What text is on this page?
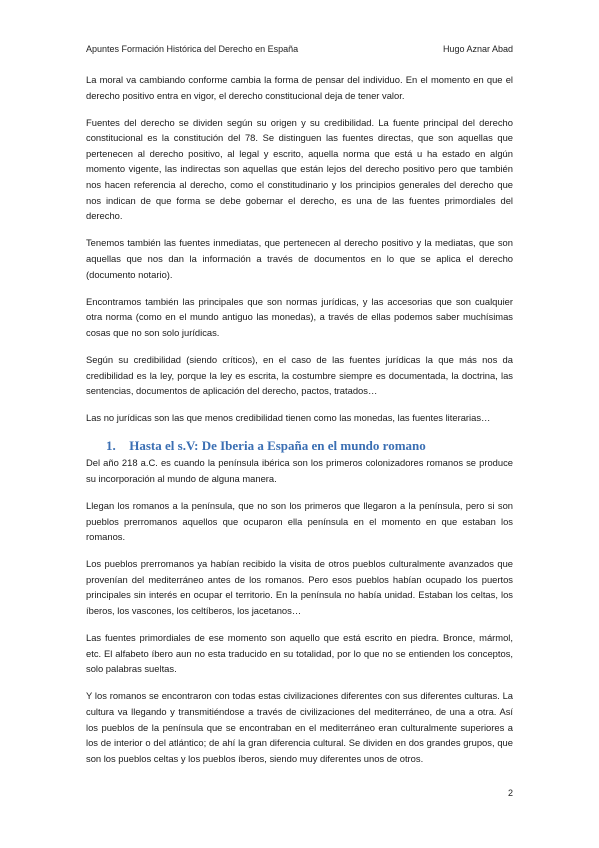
Apuntes Formación Histórica del Derecho en España	Hugo Aznar Abad

La moral va cambiando conforme cambia la forma de pensar del individuo. En el momento en que el derecho positivo entra en vigor, el derecho constitucional deja de tener valor.

Fuentes del derecho se dividen según su origen y su credibilidad. La fuente principal del derecho constitucional es la constitución del 78. Se distinguen las fuentes directas, que son aquellas que pertenecen al derecho positivo, al legal y escrito, aquella norma que está u ha estado en algún momento vigente, las indirectas son aquellas que están lejos del derecho positivo pero que también nos hacen referencia al derecho, como el constitudinario y los principios generales del derecho que nos indican de que forma se debe gobernar el derecho, es una de las fuentes primordiales del derecho.

Tenemos también las fuentes inmediatas, que pertenecen al derecho positivo y la mediatas, que son aquellas que nos dan la información a través de documentos en lo que se aplica el derecho (documento notario).

Encontramos también las principales que son normas jurídicas, y las accesorias que son cualquier otra norma (como en el mundo antiguo las monedas), a través de ellas podemos saber muchísimas cosas que no son solo jurídicas.

Según su credibilidad (siendo críticos), en el caso de las fuentes jurídicas la que más nos da credibilidad es la ley, porque la ley es escrita, la costumbre siempre es documentada, la doctrina, las sentencias, documentos de aplicación del derecho, pactos, tratados…

Las no jurídicas son las que menos credibilidad tienen como las monedas, las fuentes literarias…

1. Hasta el s.V: De Iberia a España en el mundo romano

Del año 218 a.C. es cuando la península ibérica son los primeros colonizadores romanos se produce su incorporación al mundo de alguna manera.

Llegan los romanos a la península, que no son los primeros que llegaron a la península, pero si son pueblos prerromanos aquellos que ocuparon ella península en el momento en que estaban los romanos.

Los pueblos prerromanos ya habían recibido la visita de otros pueblos culturalmente avanzados que provenían del mediterráneo antes de los romanos. Pero esos pueblos habían ocupado los puertos principales sin interés en ocupar el territorio. En la península no había unidad. Estaban los celtas, los íberos, los vascones, los celtíberos, los jacetanos…

Las fuentes primordiales de ese momento son aquello que está escrito en piedra. Bronce, mármol, etc. El alfabeto íbero aun no esta traducido en su totalidad, por lo que no se entienden los conceptos, solo palabras sueltas.

Y los romanos se encontraron con todas estas civilizaciones diferentes con sus diferentes culturas. La cultura va llegando y transmitiéndose a través de civilizaciones del mediterráneo, de una a otra. Así los pueblos de la península que se encontraban en el mediterráneo eran culturalmente superiores a los de interior o del atlántico; de ahí la gran diferencia cultural. Se dividen en dos grandes grupos, que son los pueblos celtas y los pueblos íberos, siendo muy diferentes unos de otros.

2
